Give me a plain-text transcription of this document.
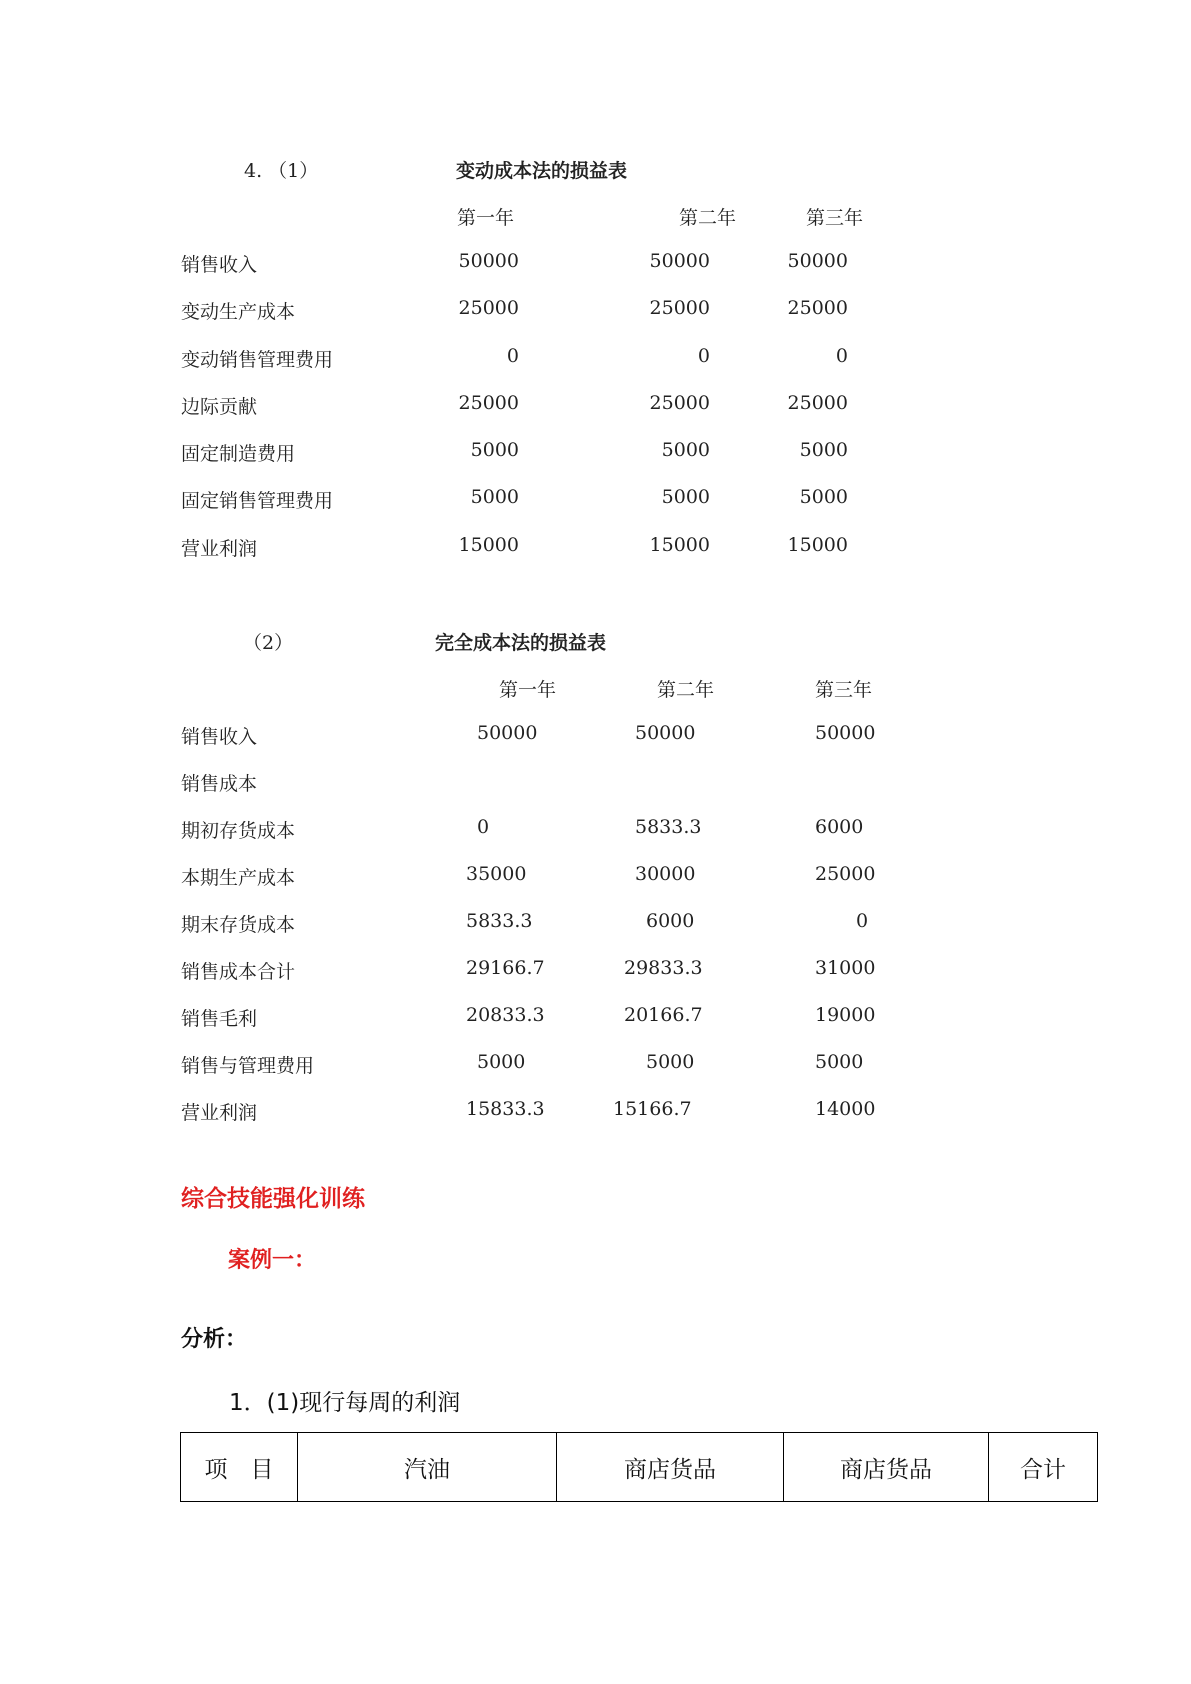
4. （1）	变动成本法的损益表
第一年	第二年	第三年
销售收入	50000	50000	50000
变动生产成本	25000	25000	25000
变动销售管理费用	0	0	0
边际贡献	25000	25000	25000
固定制造费用	5000	5000	5000
固定销售管理费用	5000	5000	5000
营业利润	15000	15000	15000
（2）	完全成本法的损益表
第一年	第二年	第三年
销售收入	50000	50000	50000
销售成本
期初存货成本	0	5833.3	6000
本期生产成本	35000	30000	25000
期末存货成本	5833.3	6000	0
销售成本合计	29166.7	29833.3	31000
销售毛利	20833.3	20166.7	19000
销售与管理费用	5000	5000	5000
营业利润	15833.3	15166.7	14000
综合技能强化训练
案例一：
分析：
1．(1)现行每周的利润
项　目	汽油	商店货品	商店货品	合计
